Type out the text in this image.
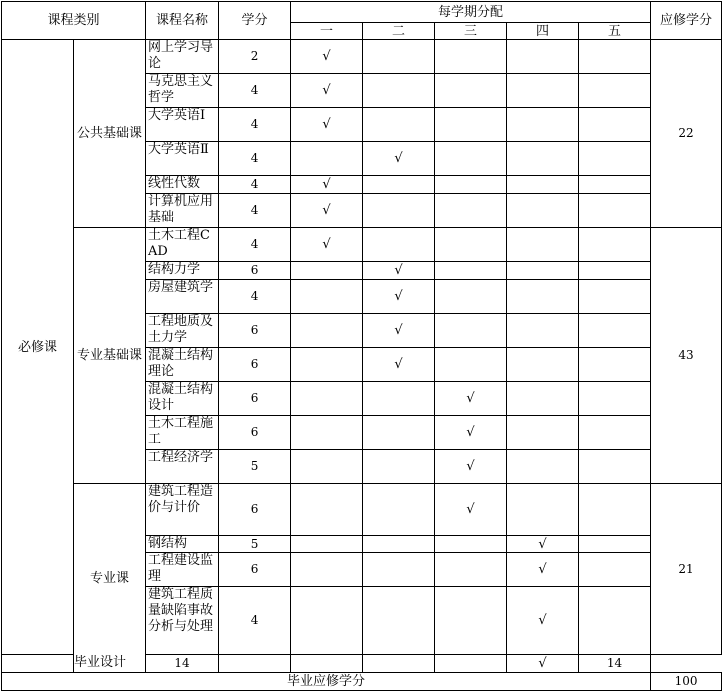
课程类别		课程名称	学分	每学期分配					应修学分
				一	二	三	四	五	
必修课	公共基础课	网上学习导论	2	√					22
		马克思主义哲学	4	√					
		大学英语Ⅰ	4	√					
		大学英语Ⅱ	4		√				
		线性代数	4	√					
		计算机应用基础	4	√					
	专业基础课	土木工程CAD	4	√					43
		结构力学	6		√				
		房屋建筑学	4		√				
		工程地质及土力学	6		√				
		混凝土结构理论	6		√				
		混凝土结构设计	6			√			
		土木工程施工	6			√			
		工程经济学	5			√			
	专业课	建筑工程造价与计价	6			√			21
		钢结构	5				√		
		工程建设监理	6				√		
		建筑工程质量缺陷事故分析与处理	4				√		
毕业设计		14					√	14	
毕业应修学分									100
